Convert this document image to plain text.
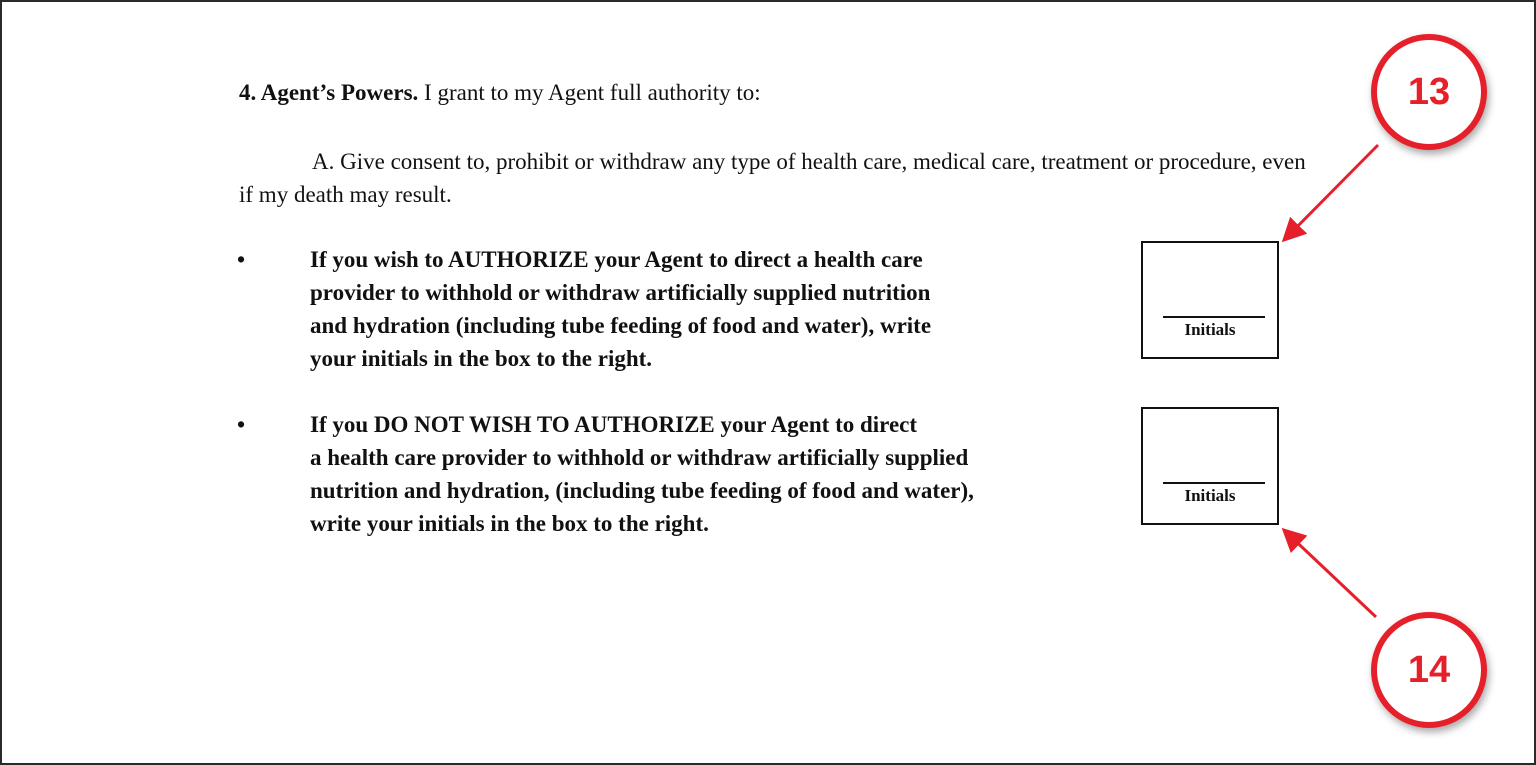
4. Agent’s Powers. I grant to my Agent full authority to:
A. Give consent to, prohibit or withdraw any type of health care, medical care, treatment or procedure, even if my death may result.
•	If you wish to AUTHORIZE your Agent to direct a health care
provider to withhold or withdraw artificially supplied nutrition
and hydration (including tube feeding of food and water), write
your initials in the box to the right.
Initials
•	If you DO NOT WISH TO AUTHORIZE your Agent to direct
a health care provider to withhold or withdraw artificially supplied
nutrition and hydration, (including tube feeding of food and water),
write your initials in the box to the right.
Initials
13
14
